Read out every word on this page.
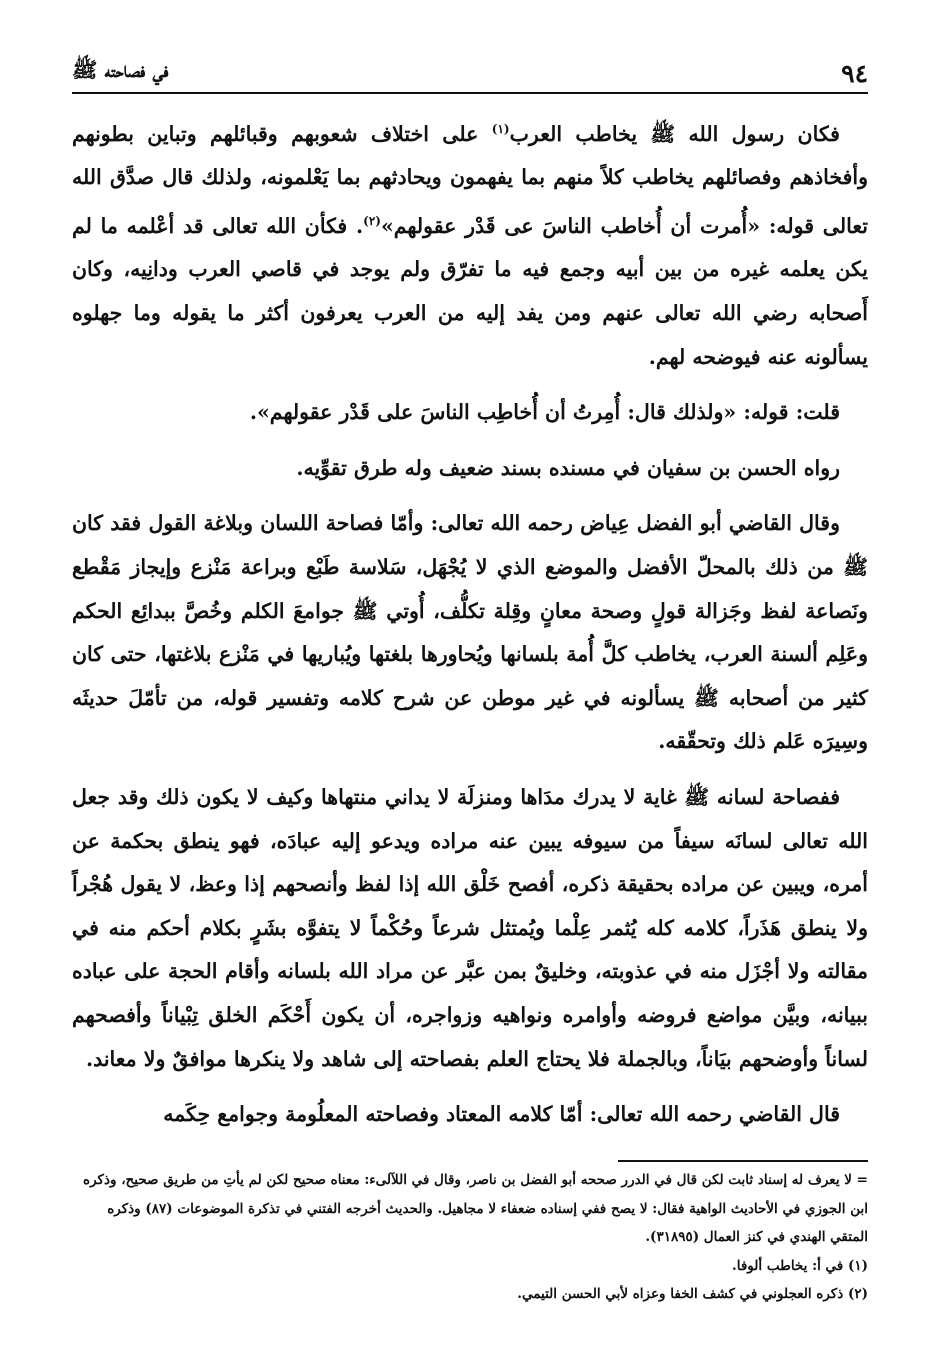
٩٤
في فصاحته ﷺ

فكان رسول الله ﷺ يخاطب العرب$^{(١)}$ على اختلاف شعوبهم وقبائلهم وتباين بطونهم وأفخاذهم وفصائلهم يخاطب كلاً منهم بما يفهمون ويحادثهم بما يَعْلمونه، ولذلك قال صدَّق الله تعالى قوله: «أُمرت أن أُخاطب الناسَ عى قَدْر عقولهم»$^{(٢)}$. فكأن الله تعالى قد أعْلمه ما لم يكن يعلمه غيره من بين أبيه وجمع فيه ما تفرّق ولم يوجد في قاصي العرب ودانِيه، وكان أَصحابه رضي الله تعالى عنهم ومن يفد إليه من العرب يعرفون أكثر ما يقوله وما جهلوه يسألونه عنه فيوضحه لهم.

قلت: قوله: «ولذلك قال: أُمِرتُ أن أُخاطِب الناسَ على قَدْر عقولهم».

رواه الحسن بن سفيان في مسنده بسند ضعيف وله طرق تقوِّيه.

وقال القاضي أبو الفضل عِياض رحمه الله تعالى: وأمّا فصاحة اللسان وبلاغة القول فقد كان ﷺ من ذلك بالمحلّ الأفضل والموضع الذي لا يُجْهَل، سَلاسة طَبْع وبراعة مَنْزع وإيجاز مَقْطع ونَصاعة لفظ وجَزالة قولٍ وصحة معانٍ وقِلة تكلُّف، أُوتي ﷺ جوامعَ الكلم وخُصَّ ببدائِع الحكم وعَلِم ألسنة العرب، يخاطب كلَّ أُمة بلسانها ويُحاورها بلغتها ويُباريها في مَنْزع بلاغتها، حتى كان كثير من أصحابه ﷺ يسألونه في غير موطن عن شرح كلامه وتفسير قوله، من تأمّلَ حديثَه وسِيرَه عَلم ذلك وتحقّقه.

ففصاحة لسانه ﷺ غاية لا يدرك مدَاها ومنزلَة لا يداني منتهاها وكيف لا يكون ذلك وقد جعل الله تعالى لسانَه سيفاً من سيوفه يبين عنه مراده ويدعو إليه عبادَه، فهو ينطق بحكمة عن أمره، ويبين عن مراده بحقيقة ذكره، أفصح خَلْق الله إذا لفظ وأنصحهم إذا وعظ، لا يقول هُجْراً ولا ينطق هَذَراً، كلامه كله يُثمر عِلْما ويُمتثل شرعاً وحُكْماً لا يتفوَّه بشَرٍ بكلام أحكم منه في مقالته ولا أجْزَل منه في عذوبته، وخليقٌ بمن عبَّر عن مراد الله بلسانه وأقام الحجة على عباده ببيانه، وبيَّن مواضع فروضه وأوامره ونواهيه وزواجره، أن يكون أَحْكَم الخلق تِبْياناً وأفصحهم لساناً وأوضحهم بيَاناً، وبالجملة فلا يحتاج العلم بفصاحته إلى شاهد ولا ينكرها موافقٌ ولا معاند.

قال القاضي رحمه الله تعالى: أمّا كلامه المعتاد وفصاحته المعلُومة وجوامع حِكَمه

= لا يعرف له إسناد ثابت لكن قال في الدرر صححه أبو الفضل بن ناصر، وقال في اللآلىء: معناه صحيح لكن لم يأتِ من طريق صحيح، وذكره ابن الجوزي في الأحاديث الواهية فقال: لا يصح ففي إسناده ضعفاء لا مجاهيل. والحديث أخرجه الفتني في تذكرة الموضوعات (٨٧) وذكره المتقي الهندي في كنز العمال (٣١٨٩٥).

(١) في أ: يخاطب ألوفا.

(٢) ذكره العجلوني في كشف الخفا وعزاه لأبي الحسن التيمي.
